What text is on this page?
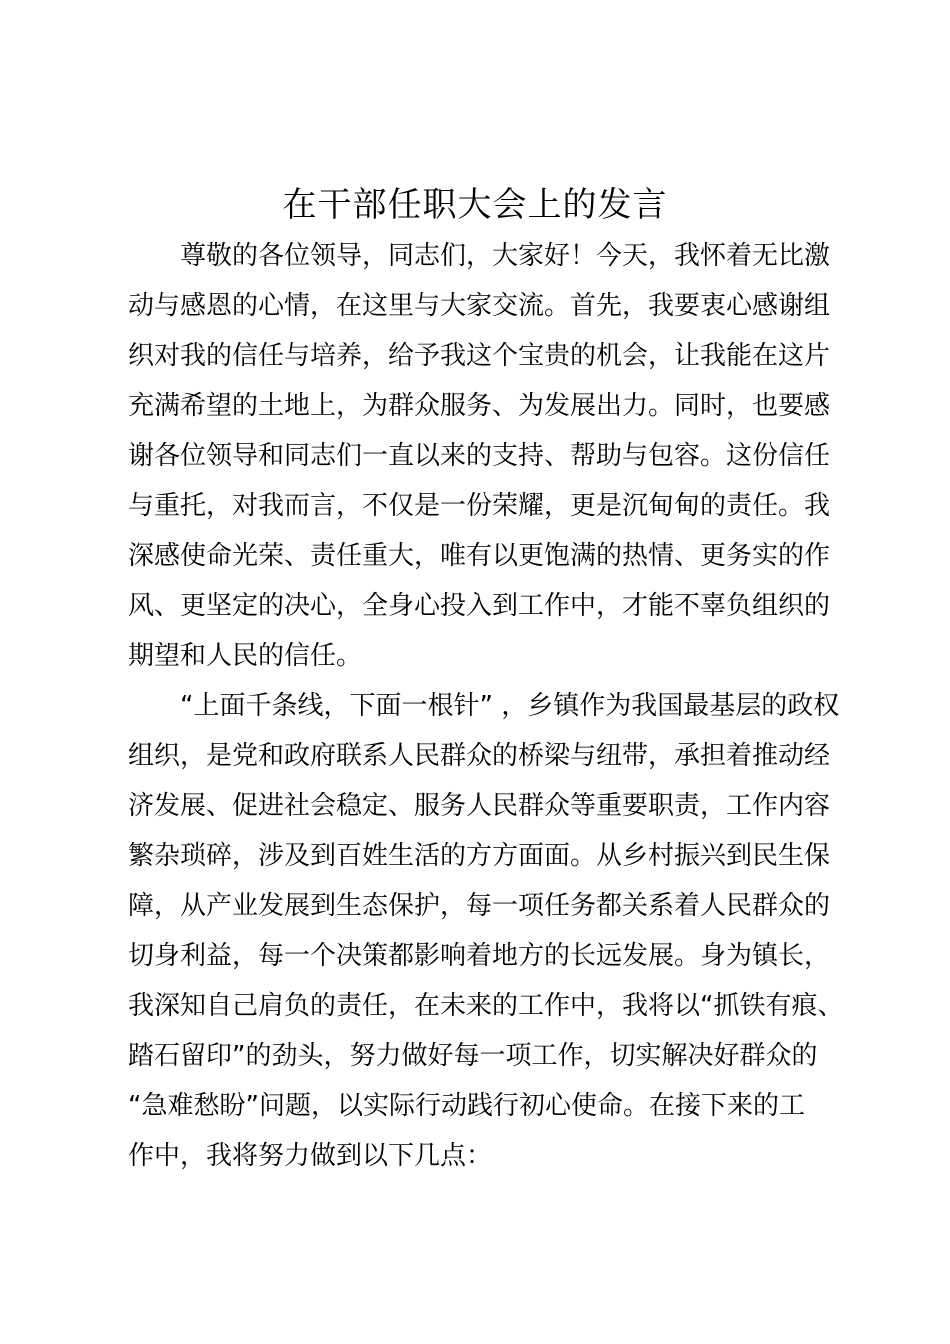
在干部任职大会上的发言

尊敬的各位领导，同志们，大家好！今天，我怀着无比激

动与感恩的心情，在这里与大家交流。首先，我要衷心感谢组

织对我的信任与培养，给予我这个宝贵的机会，让我能在这片

充满希望的土地上，为群众服务、为发展出力。同时，也要感

谢各位领导和同志们一直以来的支持、帮助与包容。这份信任

与重托，对我而言，不仅是一份荣耀，更是沉甸甸的责任。我

深感使命光荣、责任重大，唯有以更饱满的热情、更务实的作

风、更坚定的决心，全身心投入到工作中，才能不辜负组织的

期望和人民的信任。

“上面千条线，下面一根针” ，乡镇作为我国最基层的政权

组织，是党和政府联系人民群众的桥梁与纽带，承担着推动经

济发展、促进社会稳定、服务人民群众等重要职责，工作内容

繁杂琐碎，涉及到百姓生活的方方面面。从乡村振兴到民生保

障，从产业发展到生态保护，每一项任务都关系着人民群众的

切身利益，每一个决策都影响着地方的长远发展。身为镇长，

我深知自己肩负的责任，在未来的工作中，我将以“抓铁有痕、

踏石留印”的劲头，努力做好每一项工作，切实解决好群众的

“急难愁盼”问题，以实际行动践行初心使命。在接下来的工

作中，我将努力做到以下几点：
